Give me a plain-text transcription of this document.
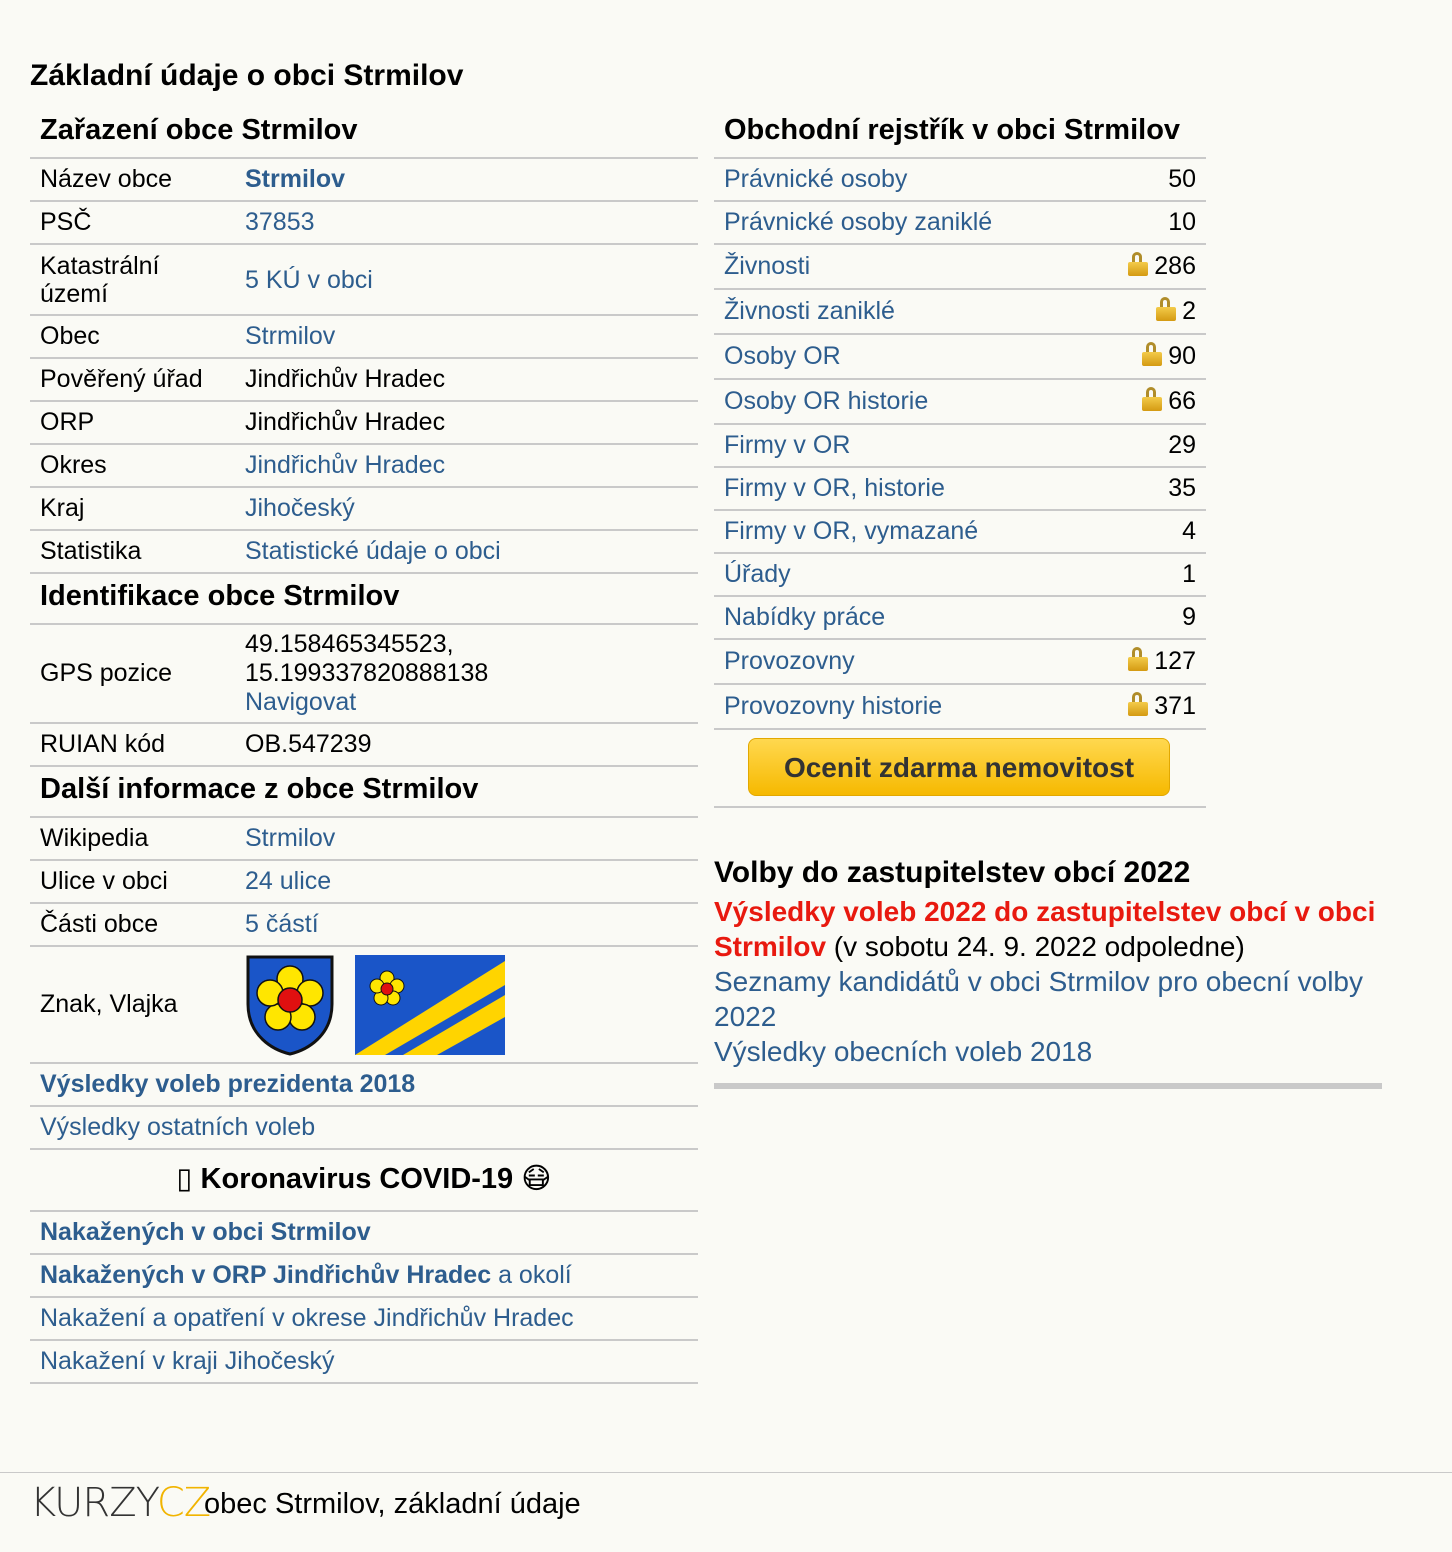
Základní údaje o obci Strmilov
Zařazení obce Strmilov
Název obce	Strmilov
PSČ	37853
Katastrální území	5 KÚ v obci
Obec	Strmilov
Pověřený úřad	Jindřichův Hradec
ORP	Jindřichův Hradec
Okres	Jindřichův Hradec
Kraj	Jihočeský
Statistika	Statistické údaje o obci
Identifikace obce Strmilov
GPS pozice	49.158465345523,
15.199337820888138
Navigovat

RUIAN kód	OB.547239
Další informace z obce Strmilov
Wikipedia	Strmilov
Ulice v obci	24 ulice
Části obce	5 částí
Znak, Vlajka	

Výsledky voleb prezidenta 2018	
Výsledky ostatních voleb	
▯ Koronavirus COVID-19 😷
Nakažených v obci Strmilov
Nakažených v ORP Jindřichův Hradec a okolí
Nakažení a opatření v okrese Jindřichův Hradec
Nakažení v kraji Jihočeský
Obchodní rejstřík v obci Strmilov
Právnické osoby	50
Právnické osoby zaniklé	10
Živnosti	286
Živnosti zaniklé	2
Osoby OR	90
Osoby OR historie	66
Firmy v OR	29
Firmy v OR, historie	35
Firmy v OR, vymazané	4
Úřady	1
Nabídky práce	9
Provozovny	127
Provozovny historie	371
Ocenit zdarma nemovitost
Volby do zastupitelstev obcí 2022

Výsledky voleb 2022 do zastupitelstev obcí v obci Strmilov (v sobotu 24. 9. 2022 odpoledne)

Seznamy kandidátů v obci Strmilov pro obecní volby 2022

Výsledky obecních voleb 2018

KURZYCZ
obec Strmilov, základní údaje
